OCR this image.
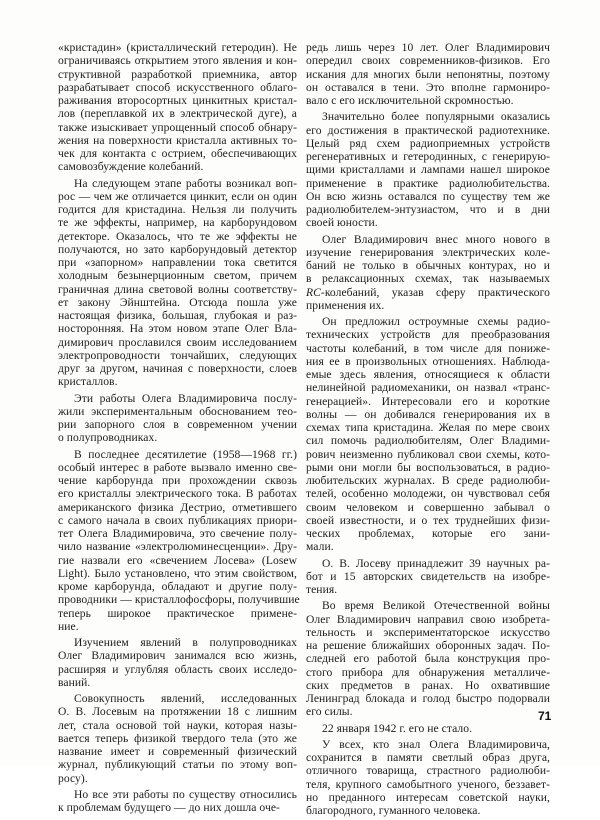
«кристадин» (кристаллический гетеродин). Не
ограничиваясь открытием этого явления и кон-
структивной разработкой приемника, автор
разрабатывает способ искусственного облаго-
раживания второсортных цинкитных кристал-
лов (переплавкой их в электрической дуге), а
также изыскивает упрощенный способ обнару-
жения на поверхности кристалла активных то-
чек для контакта с острием, обеспечивающих
самовозбуждение колебаний.
На следующем этапе работы возникал воп-
рос — чем же отличается цинкит, если он один
годится для кристадина. Нельзя ли получить
те же эффекты, например, на карборундовом
детекторе. Оказалось, что те же эффекты не
получаются, но зато карборундовый детектор
при «запорном» направлении тока светится
холодным безынерционным светом, причем
граничная длина световой волны соответству-
ет закону Эйнштейна. Отсюда пошла уже
настоящая физика, большая, глубокая и раз-
носторонняя. На этом новом этапе Олег Вла-
димирович прославился своим исследованием
электропроводности тончайших, следующих
друг за другом, начиная с поверхности, слоев
кристаллов.
Эти работы Олега Владимировича послу-
жили экспериментальным обоснованием тео-
рии запорного слоя в современном учении
о полупроводниках.
В последнее десятилетие (1958—1968 гг.)
особый интерес в работе вызвало именно све-
чение карборунда при прохождении сквозь
его кристаллы электрического тока. В работах
американского физика Дестрио, отметившего
с самого начала в своих публикациях приори-
тет Олега Владимировича, это свечение полу-
чило название «электролюминесценции». Дру-
гие назвали его «свечением Лосева» (Losew
Light). Было установлено, что этим свойством,
кроме карборунда, обладают и другие полу-
проводники — кристаллофосфоры, получившие
теперь широкое практическое примене-
ние.
Изучением явлений в полупроводниках
Олег Владимирович занимался всю жизнь,
расширяя и углубляя область своих исследо-
ваний.
Совокупность явлений, исследованных
О. В. Лосевым на протяжении 18 с лишним
лет, стала основой той науки, которая назы-
вается теперь физикой твердого тела (это же
название имеет и современный физический
журнал, публикующий статьи по этому воп-
росу).
Но все эти работы по существу относились
к проблемам будущего — до них дошла оче-
редь лишь через 10 лет. Олег Владимирович
опередил своих современников-физиков. Его
искания для многих были непонятны, поэтому
он оставался в тени. Это вполне гармониро-
вало с его исключительной скромностью.
Значительно более популярными оказались
его достижения в практической радиотехнике.
Целый ряд схем радиоприемных устройств
регенеративных и гетеродинных, с генерирую-
щими кристаллами и лампами нашел широкое
применение в практике радиолюбительства.
Он всю жизнь оставался по существу тем же
радиолюбителем-энтузиастом, что и в дни
своей юности.
Олег Владимирович внес много нового в
изучение генерирования электрических коле-
баний не только в обычных контурах, но и
в релаксационных схемах, так называемых
RC-колебаний, указав сферу практического
применения их.
Он предложил остроумные схемы радио-
технических устройств для преобразования
частоты колебаний, в том числе для пониже-
ния ее в произвольных отношениях. Наблюда-
емые здесь явления, относящиеся к области
нелинейной радиомеханики, он назвал «транс-
генерацией». Интересовали его и короткие
волны — он добивался генерирования их в
схемах типа кристадина. Желая по мере своих
сил помочь радиолюбителям, Олег Владими-
рович неизменно публиковал свои схемы, кото-
рыми они могли бы воспользоваться, в радио-
любительских журналах. В среде радиолюби-
телей, особенно молодежи, он чувствовал себя
своим человеком и совершенно забывал о
своей известности, и о тех труднейших физи-
ческих проблемах, которые его зани-
мали.
О. В. Лосеву принадлежит 39 научных ра-
бот и 15 авторских свидетельств на изобре-
тения.
Во время Великой Отечественной войны
Олег Владимирович направил свою изобрета-
тельность и экспериментаторское искусство
на решение ближайших оборонных задач. По-
следней его работой была конструкция про-
стого прибора для обнаружения металличе-
ских предметов в ранах. Но охватившие
Ленинград блокада и голод быстро подорвали
его силы.
22 января 1942 г. его не стало.
У всех, кто знал Олега Владимировича,
сохранится в памяти светлый образ друга,
отличного товарища, страстного радиолюби-
теля, крупного самобытного ученого, беззавет-
но преданного интересам советской науки,
благородного, гуманного человека.
71
